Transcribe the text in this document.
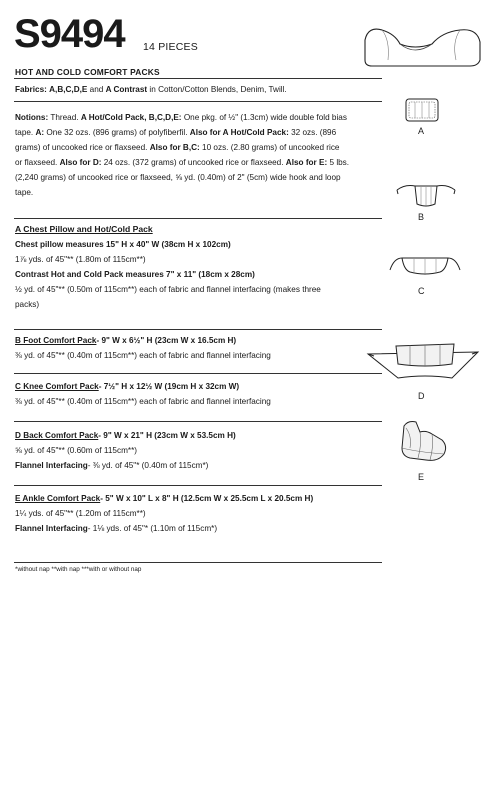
S9494 14 PIECES
HOT AND COLD COMFORT PACKS
Fabrics: A,B,C,D,E and A Contrast in Cotton/Cotton Blends, Denim, Twill.
Notions: Thread. A Hot/Cold Pack, B,C,D,E: One pkg. of ½" (1.3cm) wide double fold bias
tape. A: One 32 ozs. (896 grams) of polyfiberfil. Also for A Hot/Cold Pack: 32 ozs. (896
grams) of uncooked rice or flaxseed. Also for B,C: 10 ozs. (2.80 grams) of uncooked rice
or flaxseed. Also for D: 24 ozs. (372 grams) of uncooked rice or flaxseed. Also for E: 5 lbs.
(2,240 grams) of uncooked rice or flaxseed, ⅝ yd. (0.40m) of 2" (5cm) wide hook and loop
tape.
A Chest Pillow and Hot/Cold Pack
Chest pillow measures 15" H x 40" W (38cm H x 102cm)
1⅞ yds. of 45"** (1.80m of 115cm**)
Contrast Hot and Cold Pack measures 7" x 11" (18cm x 28cm)
½ yd. of 45"** (0.50m of 115cm**) each of fabric and flannel interfacing (makes three
packs)
B Foot Comfort Pack- 9" W x 6½" H (23cm W x 16.5cm H)
⅜ yd. of 45"** (0.40m of 115cm**) each of fabric and flannel interfacing
C Knee Comfort Pack- 7½" H x 12½ W (19cm H x 32cm W)
⅜ yd. of 45"** (0.40m of 115cm**) each of fabric and flannel interfacing
D Back Comfort Pack- 9" W x 21" H (23cm W x 53.5cm H)
⅝ yd. of 45"** (0.60m of 115cm**)
Flannel Interfacing- ⅜ yd. of 45"* (0.40m of 115cm*)
E Ankle Comfort Pack- 5" W x 10" L x 8" H (12.5cm W x 25.5cm L x 20.5cm H)
1¼ yds. of 45"** (1.20m of 115cm**)
Flannel Interfacing- 1⅛ yds. of 45"* (1.10m of 115cm*)
*without nap **with nap ***with or without nap
A
B
C
D
E
